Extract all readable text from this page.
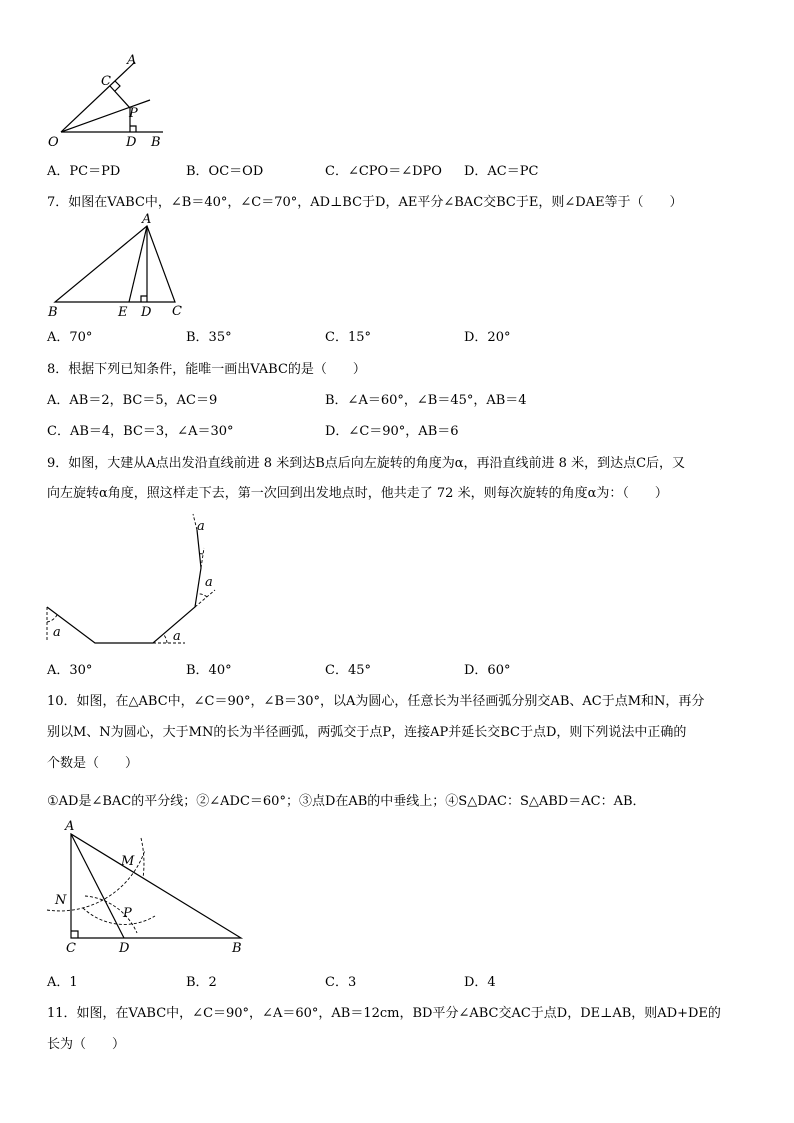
A
C
P
O	D B
A．PC＝PD	B．OC＝OD	C．∠CPO＝∠DPO D．AC＝PC
7．如图在VABC中，∠B＝40°，∠C＝70°，AD⊥BC于D，AE平分∠BAC交BC于E，则∠DAE等于（　　）
A
B	E D C
A．70°	B．35°	C．15°	D．20°
8．根据下列已知条件，能唯一画出VABC的是（　　）
A．AB＝2，BC＝5，AC＝9	B．∠A＝60°，∠B＝45°，AB＝4
C．AB＝4，BC＝3，∠A＝30°	D．∠C＝90°，AB＝6
9．如图，大建从A点出发沿直线前进 8 米到达B点后向左旋转的角度为α，再沿直线前进 8 米，到达点C后，又
向左旋转α角度，照这样走下去，第一次回到出发地点时，他共走了 72 米，则每次旋转的角度α为：（　　）
a	a
a
a
A．30°	B．40°	C．45°	D．60°
10．如图，在△ABC中，∠C＝90°，∠B＝30°，以A为圆心，任意长为半径画弧分别交AB、AC于点M和N，再分
别以M、N为圆心，大于MN的长为半径画弧，两弧交于点P，连接AP并延长交BC于点D，则下列说法中正确的
个数是（　　）
①AD是∠BAC的平分线；②∠ADC＝60°；③点D在AB的中垂线上；④S△DAC：S△ABD＝AC：AB．
A
M
N
P
C	D	B
A．1	B．2	C．3	D．4
11．如图，在VABC中，∠C＝90°，∠A＝60°，AB＝12cm，BD平分∠ABC交AC于点D，DE⊥AB，则AD+DE的
长为（　　）
